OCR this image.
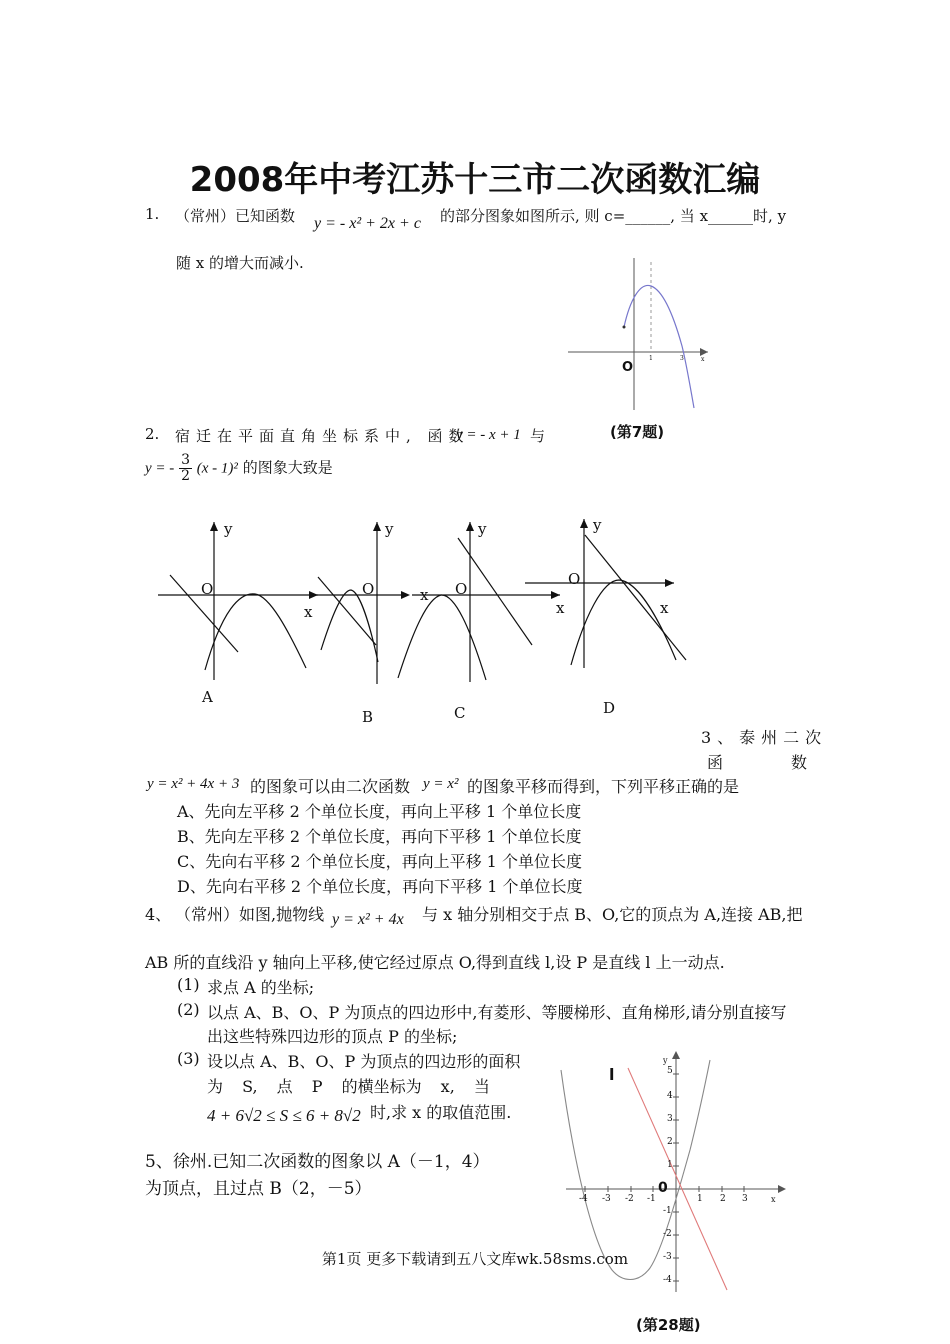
2008年中考江苏十三市二次函数汇编
1. （常州）已知函数 y = - x² + 2x + c 的部分图象如图所示, 则 c=______, 当 x______时, y
随 x 的增大而减小.
O
1	3	x
(第7题)
2. 宿迁在平面直角坐标系中, 函数
y = - x + 1 与
y = - $\frac{3}{2} (x - 1)^2$ 的图象大致是
y
O
x
A
y
O	x
B
y
O
x
C
y
O
x
D
3、泰州二次
函	数
y = x² + 4x + 3 的图象可以由二次函数 y = x² 的图象平移而得到，下列平移正确的是
A、先向左平移 2 个单位长度，再向上平移 1 个单位长度
B、先向左平移 2 个单位长度，再向下平移 1 个单位长度
C、先向右平移 2 个单位长度，再向上平移 1 个单位长度
D、先向右平移 2 个单位长度，再向下平移 1 个单位长度
4、 （常州）如图,抛物线 y = x² + 4x 与 x 轴分别相交于点 B、O,它的顶点为 A,连接 AB,把
AB 所的直线沿 y 轴向上平移,使它经过原点 O,得到直线 l,设 P 是直线 l 上一动点.
(1) 求点 A 的坐标;
(2) 以点 A、B、O、P 为顶点的四边形中,有菱形、等腰梯形、直角梯形,请分别直接写
出这些特殊四边形的顶点 P 的坐标;
(3) 设以点 A、B、O、P 为顶点的四边形的面积
为 S, 点 P 的横坐标为 x, 当
4 + 6√2 ≤ S ≤ 6 + 8√2 时,求 x 的取值范围.
5、徐州.已知二次函数的图象以 A（－1，4）
为顶点，且过点 B（2，－5）
l
0
y
5
4
3
2
1
-1
-2
-3
-4
-4 -3 -2 -1	1 2 3	x
(第28题)
第1页 更多下载请到五八文库wk.58sms.com
